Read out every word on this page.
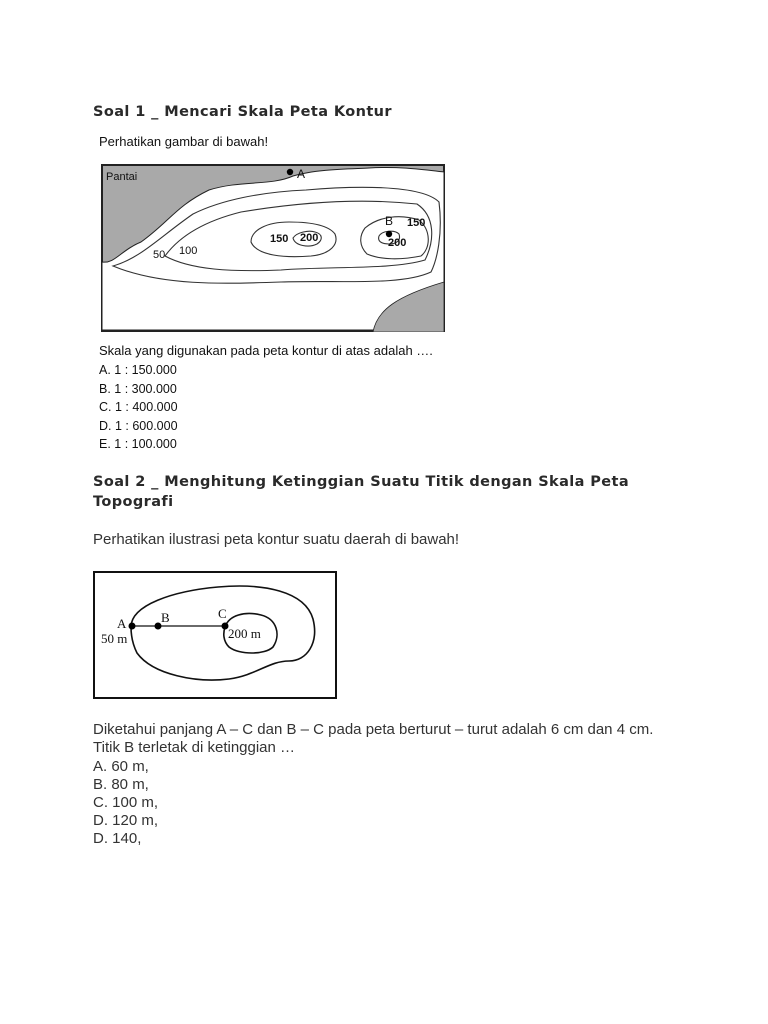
Soal 1 _ Mencari Skala Peta Kontur

Perhatikan gambar di bawah!

Pantai	A
B
50 100
150 200
150
200

Skala yang digunakan pada peta kontur di atas adalah ….

A. 1 : 150.000
B. 1 : 300.000
C. 1 : 400.000
D. 1 : 600.000
E. 1 : 100.000
Soal 2 _ Menghitung Ketinggian Suatu Titik dengan Skala Peta Topografi

Perhatikan ilustrasi peta kontur suatu daerah di bawah!

A	B	C
50 m	200 m

Diketahui panjang A – C dan B – C pada peta berturut – turut adalah 6 cm dan 4 cm. Titik B terletak di ketinggian …

A. 60 m,
B. 80 m,
C. 100 m,
D. 120 m,
D. 140,
